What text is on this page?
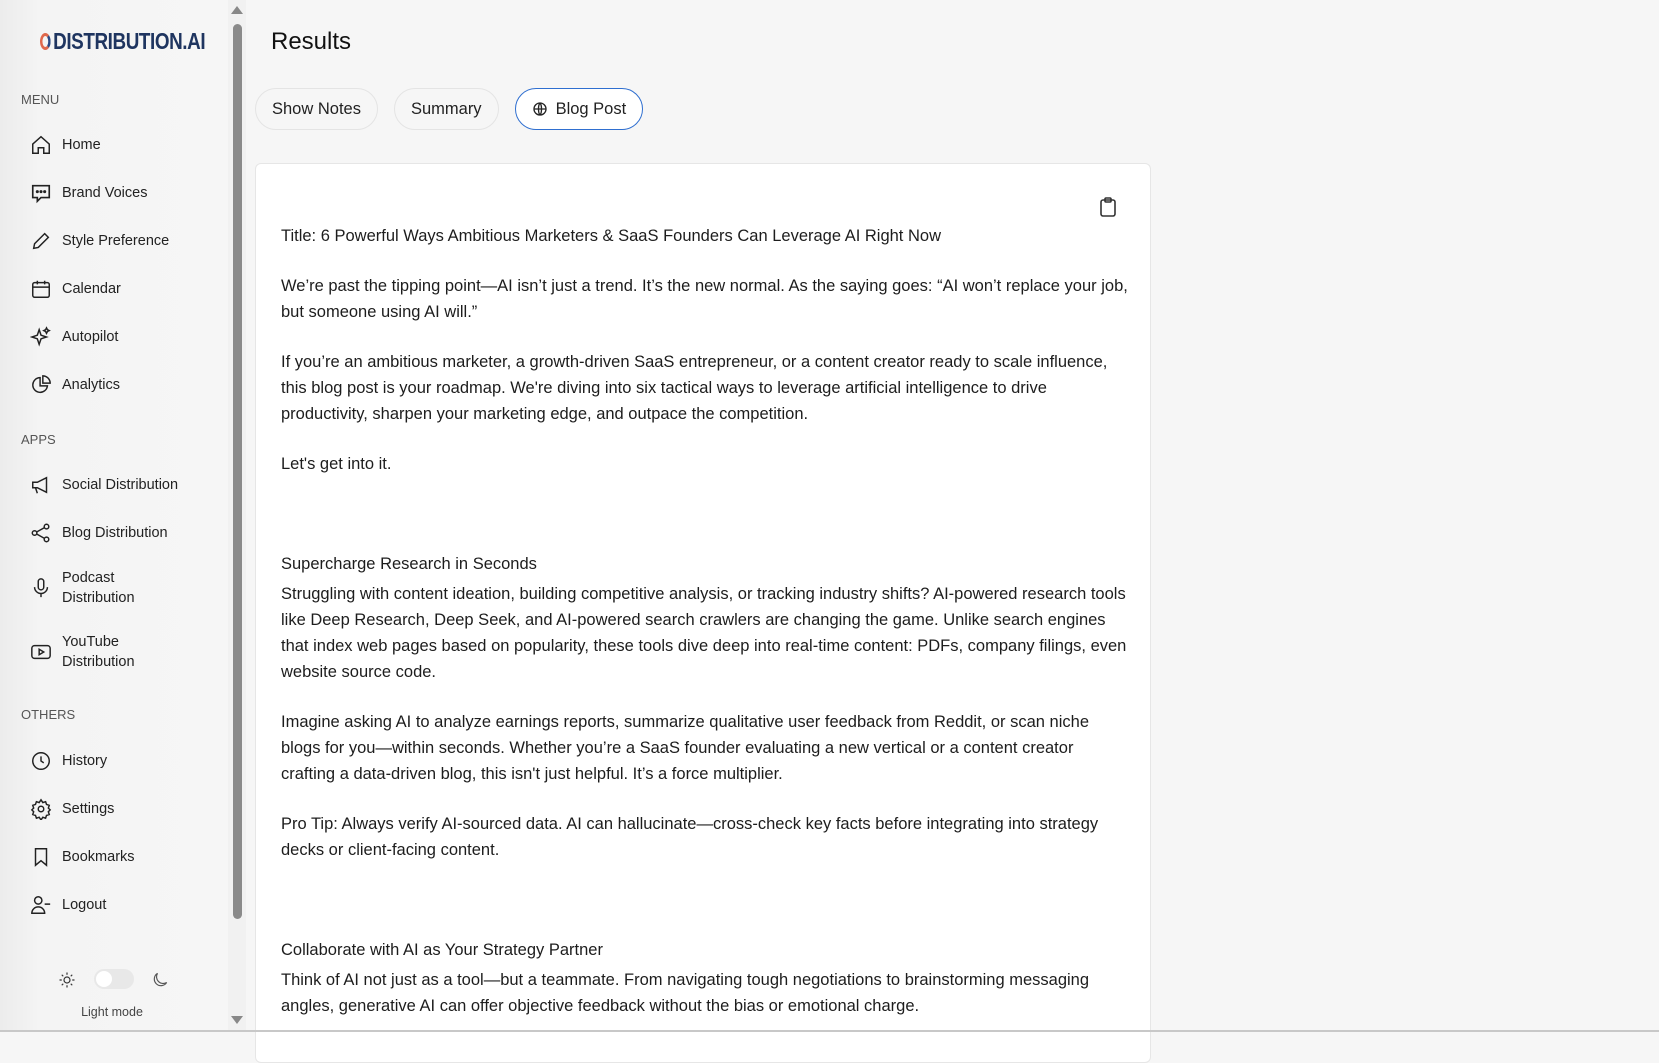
DISTRIBUTION.AI
MENU
Home
Brand Voices
Style Preference
Calendar
Autopilot
Analytics
APPS
Social Distribution
Blog Distribution
Podcast Distribution
YouTube Distribution
OTHERS
History
Settings
Bookmarks
Logout
Light mode
Results
Show Notes	Summary	Blog Post

Title: 6 Powerful Ways Ambitious Marketers & SaaS Founders Can Leverage AI Right Now

We’re past the tipping point—AI isn’t just a trend. It’s the new normal. As the saying goes: “AI won’t replace your job, but someone using AI will.”

If you’re an ambitious marketer, a growth-driven SaaS entrepreneur, or a content creator ready to scale influence, this blog post is your roadmap. We're diving into six tactical ways to leverage artificial intelligence to drive productivity, sharpen your marketing edge, and outpace the competition.

Let's get into it.

Supercharge Research in Seconds

Struggling with content ideation, building competitive analysis, or tracking industry shifts? AI-powered research tools like Deep Research, Deep Seek, and AI-powered search crawlers are changing the game. Unlike search engines that index web pages based on popularity, these tools dive deep into real-time content: PDFs, company filings, even website source code.

Imagine asking AI to analyze earnings reports, summarize qualitative user feedback from Reddit, or scan niche blogs for you—within seconds. Whether you’re a SaaS founder evaluating a new vertical or a content creator crafting a data-driven blog, this isn't just helpful. It’s a force multiplier.

Pro Tip: Always verify AI-sourced data. AI can hallucinate—cross-check key facts before integrating into strategy decks or client-facing content.

Collaborate with AI as Your Strategy Partner

Think of AI not just as a tool—but a teammate. From navigating tough negotiations to brainstorming messaging angles, generative AI can offer objective feedback without the bias or emotional charge.
